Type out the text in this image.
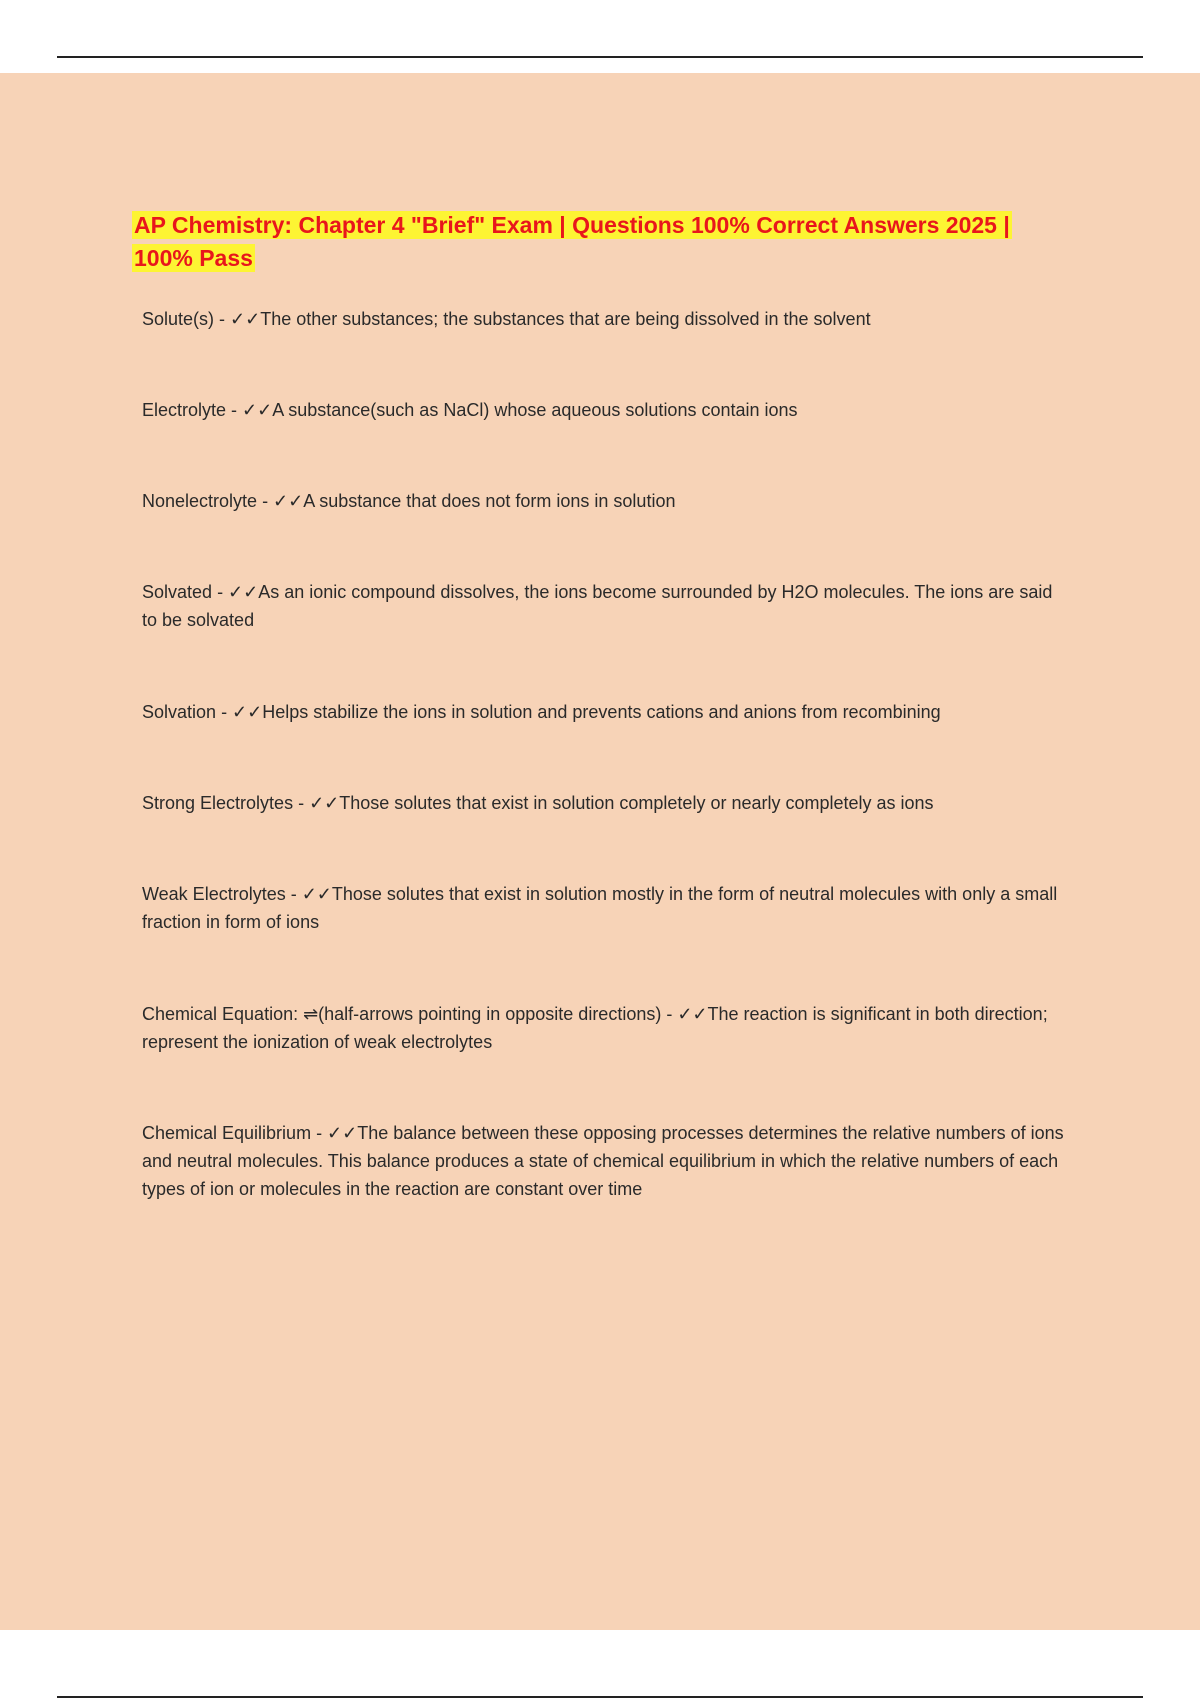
AP Chemistry: Chapter 4 "Brief" Exam | Questions 100% Correct Answers 2025 | 100% Pass

Solute(s) - ✓✓The other substances; the substances that are being dissolved in the solvent

Electrolyte - ✓✓A substance(such as NaCl) whose aqueous solutions contain ions

Nonelectrolyte - ✓✓A substance that does not form ions in solution

Solvated - ✓✓As an ionic compound dissolves, the ions become surrounded by H2O molecules. The ions are said to be solvated

Solvation - ✓✓Helps stabilize the ions in solution and prevents cations and anions from recombining

Strong Electrolytes - ✓✓Those solutes that exist in solution completely or nearly completely as ions

Weak Electrolytes - ✓✓Those solutes that exist in solution mostly in the form of neutral molecules with only a small fraction in form of ions

Chemical Equation: ⇌(half-arrows pointing in opposite directions) - ✓✓The reaction is significant in both direction; represent the ionization of weak electrolytes

Chemical Equilibrium - ✓✓The balance between these opposing processes determines the relative numbers of ions and neutral molecules. This balance produces a state of chemical equilibrium in which the relative numbers of each types of ion or molecules in the reaction are constant over time
